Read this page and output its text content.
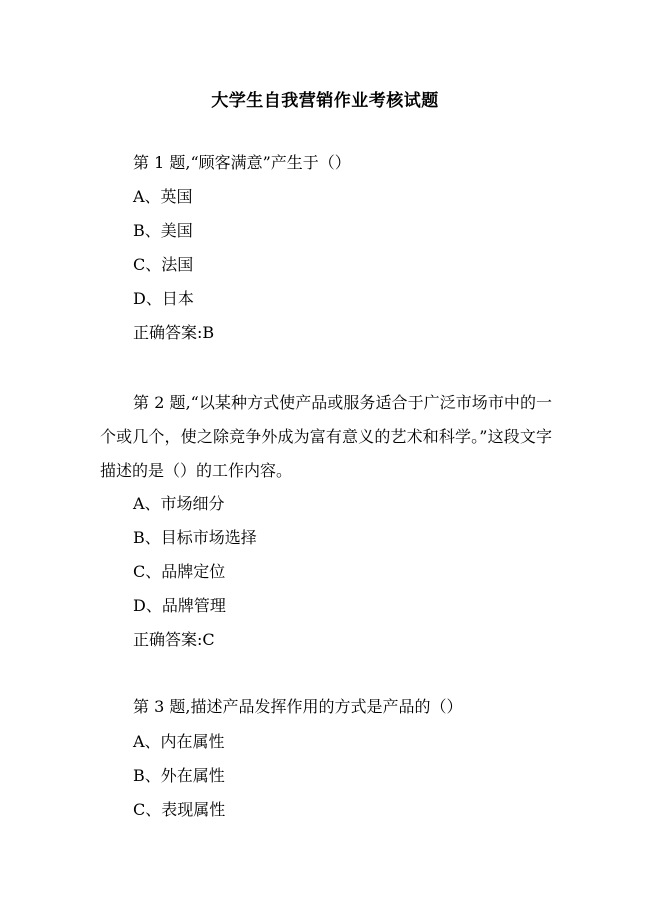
大学生自我营销作业考核试题
第 1 题,“顾客满意”产生于（）
A、英国
B、美国
C、法国
D、日本
正确答案:B
第 2 题,“以某种方式使产品或服务适合于广泛市场市中的一个或几个，使之除竞争外成为富有意义的艺术和科学。”这段文字描述的是（）的工作内容。
A、市场细分
B、目标市场选择
C、品牌定位
D、品牌管理
正确答案:C
第 3 题,描述产品发挥作用的方式是产品的（）
A、内在属性
B、外在属性
C、表现属性
